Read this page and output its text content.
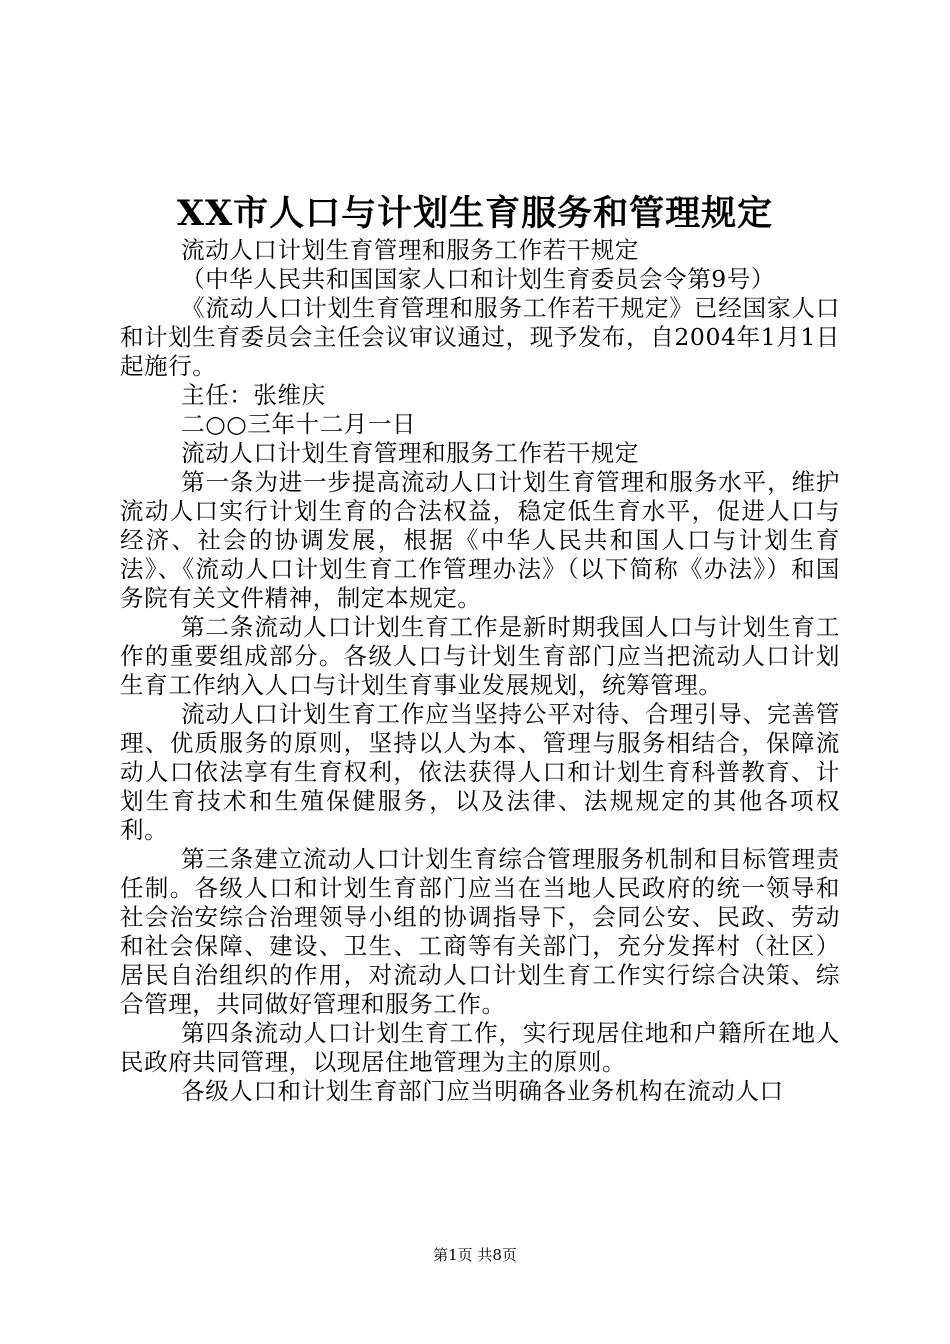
XX市人口与计划生育服务和管理规定

流动人口计划生育管理和服务工作若干规定

（中华人民共和国国家人口和计划生育委员会令第9号）

《流动人口计划生育管理和服务工作若干规定》已经国家人口和计划生育委员会主任会议审议通过，现予发布，自2004年1月1日起施行。

主任：张维庆

二○○三年十二月一日

流动人口计划生育管理和服务工作若干规定

第一条为进一步提高流动人口计划生育管理和服务水平，维护流动人口实行计划生育的合法权益，稳定低生育水平，促进人口与经济、社会的协调发展，根据《中华人民共和国人口与计划生育法》、《流动人口计划生育工作管理办法》（以下简称《办法》）和国务院有关文件精神，制定本规定。

第二条流动人口计划生育工作是新时期我国人口与计划生育工作的重要组成部分。各级人口与计划生育部门应当把流动人口计划生育工作纳入人口与计划生育事业发展规划，统筹管理。

流动人口计划生育工作应当坚持公平对待、合理引导、完善管理、优质服务的原则，坚持以人为本、管理与服务相结合，保障流动人口依法享有生育权利，依法获得人口和计划生育科普教育、计划生育技术和生殖保健服务，以及法律、法规规定的其他各项权利。

第三条建立流动人口计划生育综合管理服务机制和目标管理责任制。各级人口和计划生育部门应当在当地人民政府的统一领导和社会治安综合治理领导小组的协调指导下，会同公安、民政、劳动和社会保障、建设、卫生、工商等有关部门，充分发挥村（社区）居民自治组织的作用，对流动人口计划生育工作实行综合决策、综合管理，共同做好管理和服务工作。

第四条流动人口计划生育工作，实行现居住地和户籍所在地人民政府共同管理，以现居住地管理为主的原则。

各级人口和计划生育部门应当明确各业务机构在流动人口

第1页 共8页
